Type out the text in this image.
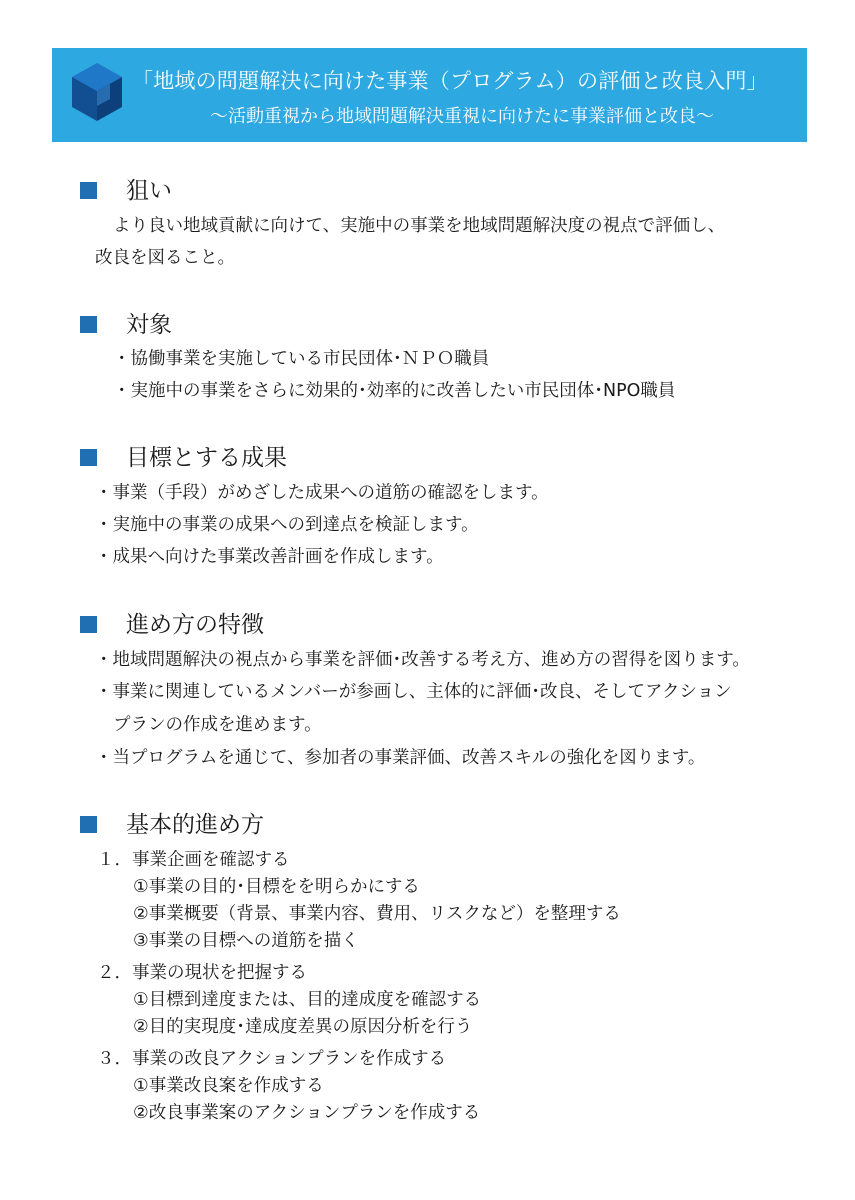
「地域の問題解決に向けた事業（プログラム）の評価と改良入門」
～活動重視から地域問題解決重視に向けたに事業評価と改良～
狙い
より良い地域貢献に向けて、実施中の事業を地域問題解決度の視点で評価し、
改良を図ること。
対象
・協働事業を実施している市民団体･ＮＰＯ職員
・実施中の事業をさらに効果的･効率的に改善したい市民団体･NPO職員
目標とする成果
・事業（手段）がめざした成果への道筋の確認をします。
・実施中の事業の成果への到達点を検証します。
・成果へ向けた事業改善計画を作成します。
進め方の特徴
・地域問題解決の視点から事業を評価･改善する考え方、進め方の習得を図ります。
・事業に関連しているメンバーが参画し、主体的に評価･改良、そしてアクション
プランの作成を進めます。
・当プログラムを通じて、参加者の事業評価、改善スキルの強化を図ります。
基本的進め方
１．事業企画を確認する
①事業の目的･目標をを明らかにする
②事業概要（背景、事業内容、費用、リスクなど）を整理する
③事業の目標への道筋を描く
２．事業の現状を把握する
①目標到達度または、目的達成度を確認する
②目的実現度･達成度差異の原因分析を行う
３．事業の改良アクションプランを作成する
①事業改良案を作成する
②改良事業案のアクションプランを作成する
